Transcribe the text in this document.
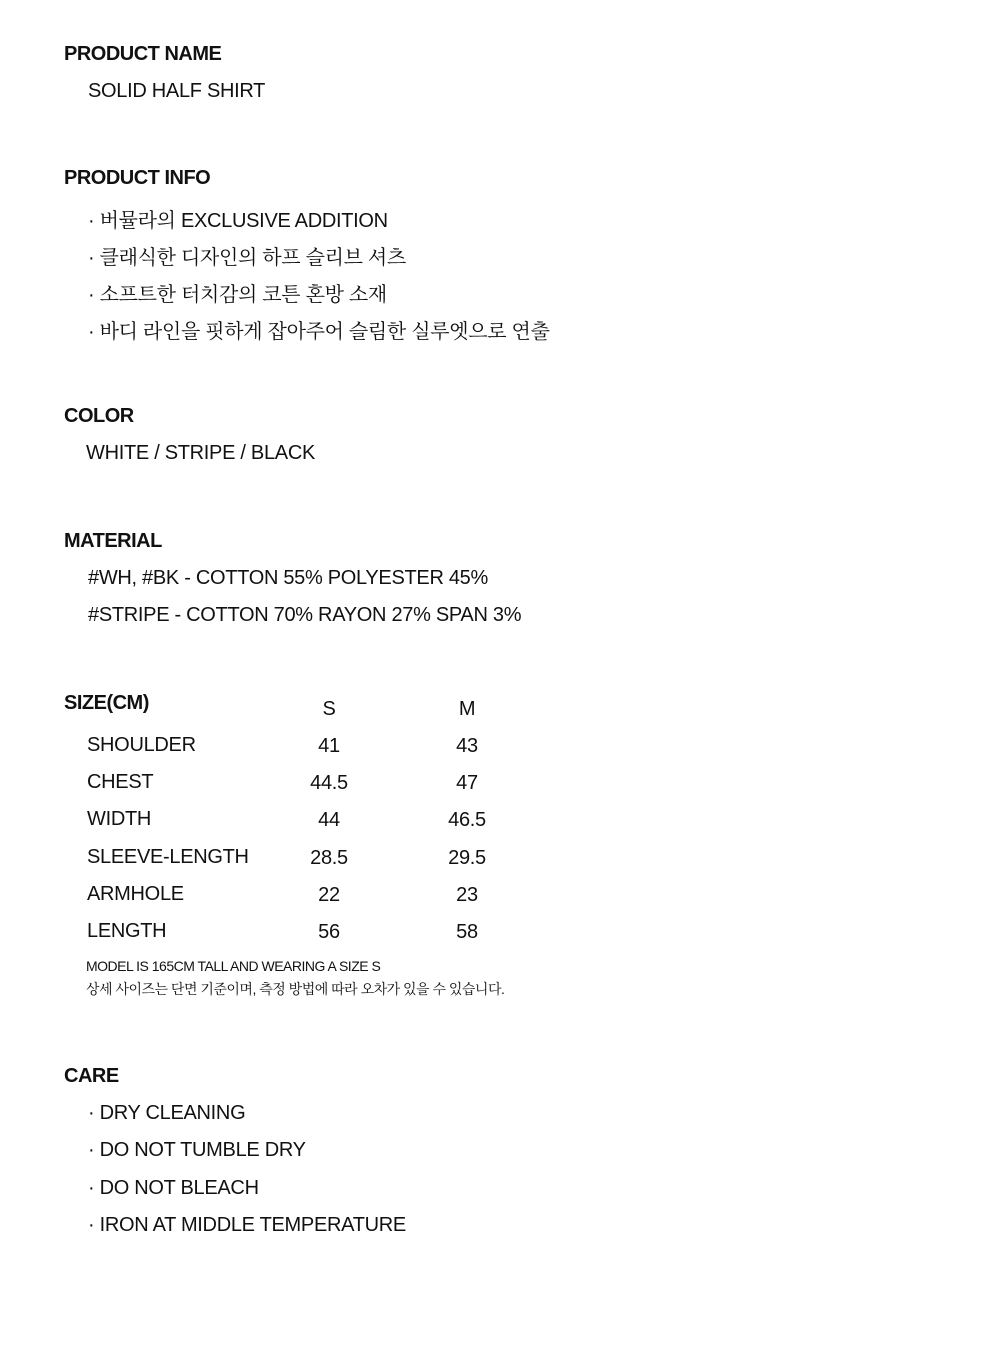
PRODUCT NAME
SOLID HALF SHIRT
PRODUCT INFO
· 버뮬라의 EXCLUSIVE ADDITION
· 클래식한 디자인의 하프 슬리브 셔츠
· 소프트한 터치감의 코튼 혼방 소재
· 바디 라인을 핏하게 잡아주어 슬림한 실루엣으로 연출
COLOR
WHITE / STRIPE / BLACK
MATERIAL
#WH, #BK - COTTON 55% POLYESTER 45%
#STRIPE - COTTON 70% RAYON 27% SPAN 3%
SIZE(CM)	S	M
SHOULDER	41	43
CHEST	44.5	47
WIDTH	44	46.5
SLEEVE-LENGTH	28.5	29.5
ARMHOLE	22	23
LENGTH	56	58
MODEL IS 165CM TALL AND WEARING A SIZE S
상세 사이즈는 단면 기준이며, 측정 방법에 따라 오차가 있을 수 있습니다.
CARE
· DRY CLEANING
· DO NOT TUMBLE DRY
· DO NOT BLEACH
· IRON AT MIDDLE TEMPERATURE
